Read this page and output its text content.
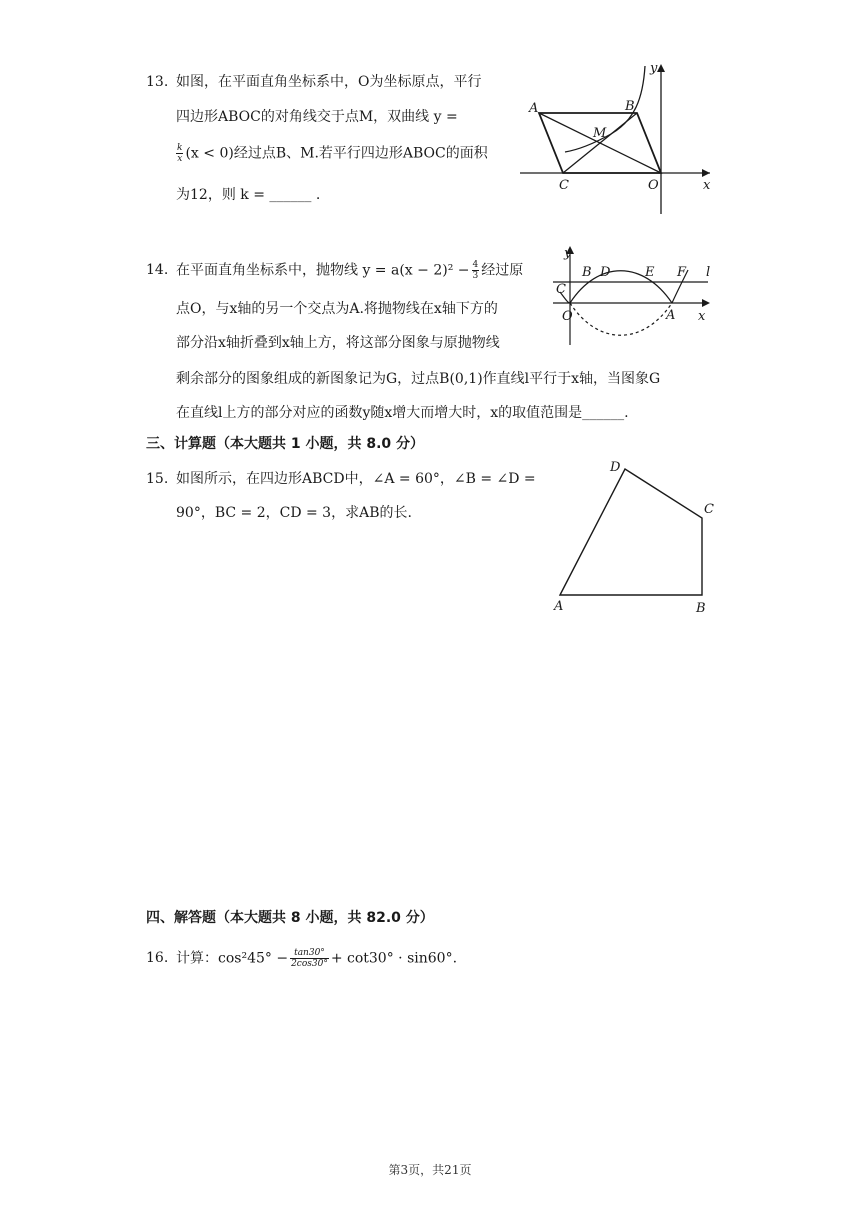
13. 如图，在平面直角坐标系中，O为坐标原点，平行
四边形ABOC的对角线交于点M，双曲线 y =
$\frac{k}{x} (x < 0)$经过点B、M.若平行四边形ABOC的面积
为12，则 k = ______ .
A	B
C	O
M
x
y
14. 在平面直角坐标系中，抛物线 $y = a(x - 2)^2 - \frac{4}{3}$ 经过原
点O，与x轴的另一个交点为A.将抛物线在x轴下方的
部分沿x轴折叠到x轴上方，将这部分图象与原抛物线
剩余部分的图象组成的新图象记为G，过点B(0,1)作直线l平行于x轴，当图象G
在直线l上方的部分对应的函数y随x增大而增大时，x的取值范围是______.
y
B D	E F l
C
O	A x
三、计算题（本大题共 1 小题，共 8.0 分）
15. 如图所示，在四边形ABCD中，∠A = 60°，∠B = ∠D =
90°，BC = 2，CD = 3，求AB的长.
A	B
C
D
四、解答题（本大题共 8 小题，共 82.0 分）
16. 计算：$\cos^245^\circ - \frac{\tan 30^\circ}{2\cos 30^\circ} + \cot 30^\circ \cdot \sin 60^\circ$.
第3页，共21页
